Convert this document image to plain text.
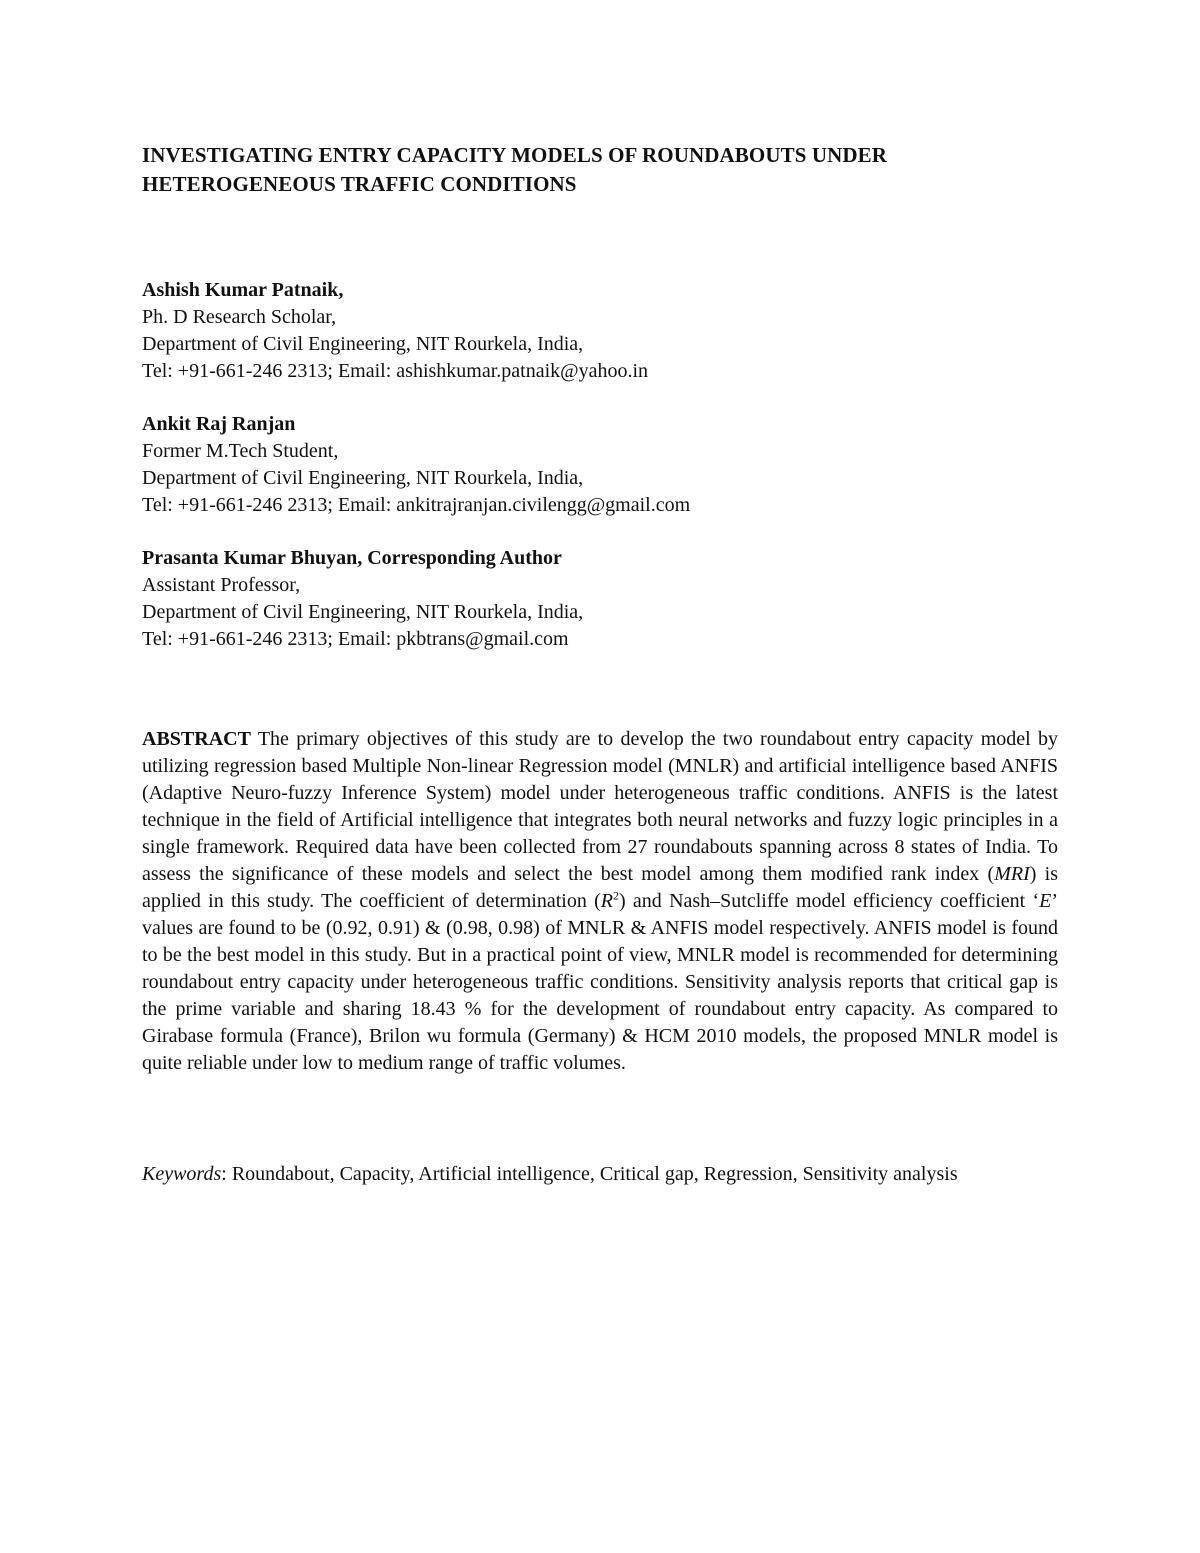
INVESTIGATING ENTRY CAPACITY MODELS OF ROUNDABOUTS UNDER
HETEROGENEOUS TRAFFIC CONDITIONS
Ashish Kumar Patnaik,
Ph. D Research Scholar,
Department of Civil Engineering, NIT Rourkela, India,
Tel: +91-661-246 2313; Email: ashishkumar.patnaik@yahoo.in
Ankit Raj Ranjan
Former M.Tech Student,
Department of Civil Engineering, NIT Rourkela, India,
Tel: +91-661-246 2313; Email: ankitrajranjan.civilengg@gmail.com
Prasanta Kumar Bhuyan, Corresponding Author
Assistant Professor,
Department of Civil Engineering, NIT Rourkela, India,
Tel: +91-661-246 2313; Email: pkbtrans@gmail.com

ABSTRACT The primary objectives of this study are to develop the two roundabout entry capacity model by utilizing regression based Multiple Non-linear Regression model (MNLR) and artificial intelligence based ANFIS (Adaptive Neuro-fuzzy Inference System) model under heterogeneous traffic conditions. ANFIS is the latest technique in the field of Artificial intelligence that integrates both neural networks and fuzzy logic principles in a single framework. Required data have been collected from 27 roundabouts spanning across 8 states of India. To assess the significance of these models and select the best model among them modified rank index (MRI) is applied in this study. The coefficient of determination $(R^2)$ and Nash–Sutcliffe model efficiency coefficient ‘E’ values are found to be (0.92, 0.91) & (0.98, 0.98) of MNLR & ANFIS model respectively. ANFIS model is found to be the best model in this study. But in a practical point of view, MNLR model is recommended for determining roundabout entry capacity under heterogeneous traffic conditions. Sensitivity analysis reports that critical gap is the prime variable and sharing 18.43 % for the development of roundabout entry capacity. As compared to Girabase formula (France), Brilon wu formula (Germany) & HCM 2010 models, the proposed MNLR model is quite reliable under low to medium range of traffic volumes.

Keywords: Roundabout, Capacity, Artificial intelligence, Critical gap, Regression, Sensitivity analysis
